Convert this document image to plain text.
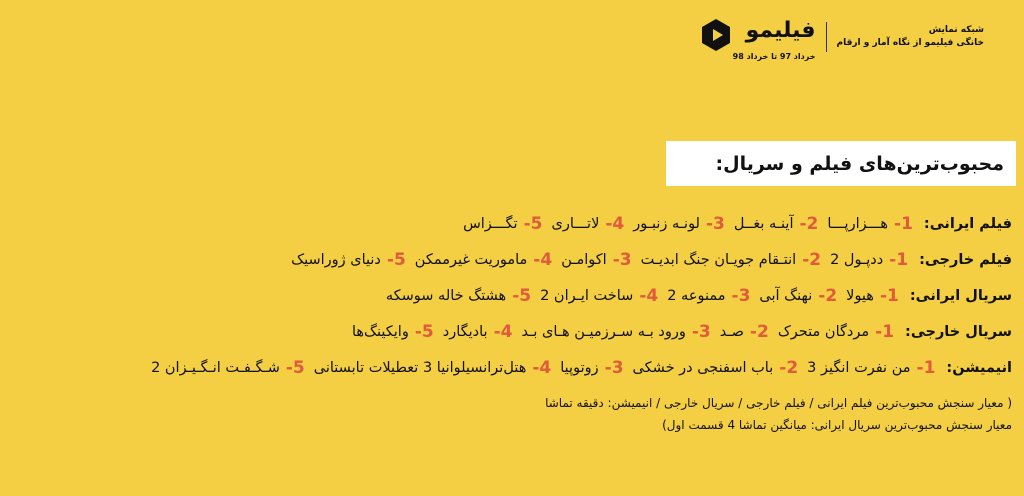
فیلیمو
خرداد 97 تا خرداد 98
شبکه نمایش
خانگی فیلیمو از نگاه آمار و ارقام
محبوب‌ترین‌های فیلم و سریال:
فیلم ایرانی:
1-
هـــزارپـــا
2-
آینـه بغــل
3-
لونـه زنبـور
4-
لاتـــاری
5-
تگـــزاس
فیلم خارجی:
1-
ددپـول 2
2-
انتـقام جویـان جنگ ابدیـت
3-
اکوامـن
4-
ماموریت غیرممکن
5-
دنیای ژوراسیک
سریال ایرانی:
1-
هیولا
2-
نهنگ آبی
3-
ممنوعه 2
4-
ساخت ایـران 2
5-
هشتگ خاله سوسکه
سریال خارجی:
1-
مردگان متحرک
2-
صـد
3-
ورود بـه سـرزمیـن هـای بـد
4-
بادیگارد
5-
وایکینگ‌ها
انیمیشن:
1-
من نفرت انگیز 3
2-
باب اسفنجی در خشکی
3-
زوتوپیا
4-
هتل‌ترانسیلوانیا 3 تعطیلات تابستانی
5-
شـگـفـت انـگـیـزان 2
( معیار سنجش محبوب‌ترین فیلم ایرانی / فیلم خارجی / سریال خارجی / انیمیشن: دقیقه تماشا
معیار سنجش محبوب‌ترین سریال ایرانی: میانگین تماشا 4 قسمت اول)
